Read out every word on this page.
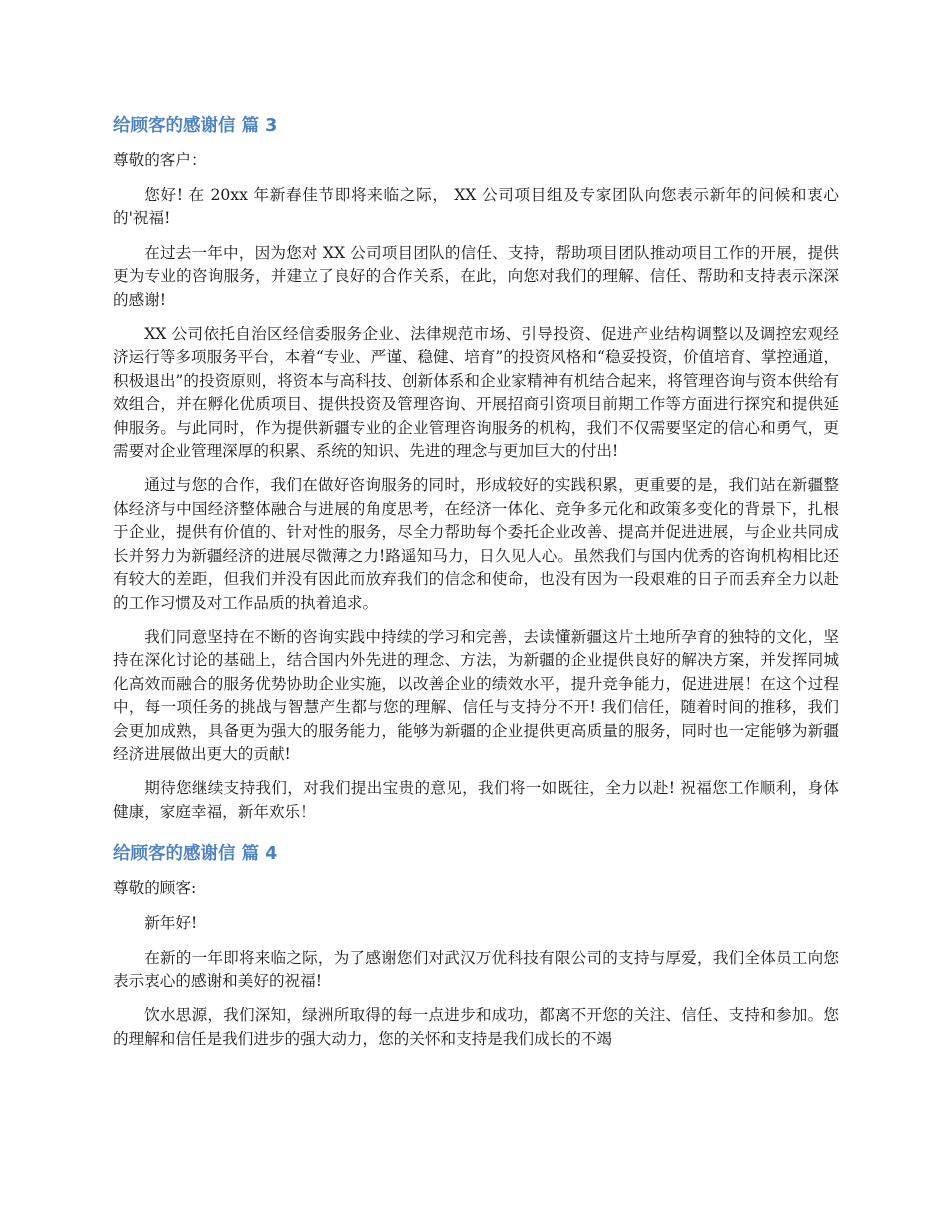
给顾客的感谢信 篇 3

尊敬的客户：

您好! 在 20xx 年新春佳节即将来临之际， XX 公司项目组及专家团队向您表示新年的问候和衷心的'祝福!

在过去一年中，因为您对 XX 公司项目团队的信任、支持，帮助项目团队推动项目工作的开展，提供更为专业的咨询服务，并建立了良好的合作关系，在此，向您对我们的理解、信任、帮助和支持表示深深的感谢!

XX 公司依托自治区经信委服务企业、法律规范市场、引导投资、促进产业结构调整以及调控宏观经济运行等多项服务平台，本着“专业、严谨、稳健、培育”的投资风格和“稳妥投资，价值培育、掌控通道，积极退出”的投资原则，将资本与高科技、创新体系和企业家精神有机结合起来，将管理咨询与资本供给有效组合，并在孵化优质项目、提供投资及管理咨询、开展招商引资项目前期工作等方面进行探究和提供延伸服务。与此同时，作为提供新疆专业的企业管理咨询服务的机构，我们不仅需要坚定的信心和勇气，更需要对企业管理深厚的积累、系统的知识、先进的理念与更加巨大的付出!

通过与您的合作，我们在做好咨询服务的同时，形成较好的实践积累，更重要的是，我们站在新疆整体经济与中国经济整体融合与进展的角度思考，在经济一体化、竞争多元化和政策多变化的背景下，扎根于企业，提供有价值的、针对性的服务，尽全力帮助每个委托企业改善、提高并促进进展，与企业共同成长并努力为新疆经济的进展尽微薄之力!路遥知马力，日久见人心。虽然我们与国内优秀的咨询机构相比还有较大的差距，但我们并没有因此而放弃我们的信念和使命，也没有因为一段艰难的日子而丢弃全力以赴的工作习惯及对工作品质的执着追求。

我们同意坚持在不断的咨询实践中持续的学习和完善，去读懂新疆这片土地所孕育的独特的文化，坚持在深化讨论的基础上，结合国内外先进的理念、方法，为新疆的企业提供良好的解决方案，并发挥同城化高效而融合的服务优势协助企业实施，以改善企业的绩效水平，提升竞争能力，促进进展！在这个过程中，每一项任务的挑战与智慧产生都与您的理解、信任与支持分不开! 我们信任，随着时间的推移，我们会更加成熟，具备更为强大的服务能力，能够为新疆的企业提供更高质量的服务，同时也一定能够为新疆经济进展做出更大的贡献!

期待您继续支持我们，对我们提出宝贵的意见，我们将一如既往，全力以赴! 祝福您工作顺利，身体健康，家庭幸福，新年欢乐！

给顾客的感谢信 篇 4

尊敬的顾客:

新年好!

在新的一年即将来临之际，为了感谢您们对武汉万优科技有限公司的支持与厚爱，我们全体员工向您表示衷心的感谢和美好的祝福!

饮水思源，我们深知，绿洲所取得的每一点进步和成功，都离不开您的关注、信任、支持和参加。您的理解和信任是我们进步的强大动力，您的关怀和支持是我们成长的不竭
